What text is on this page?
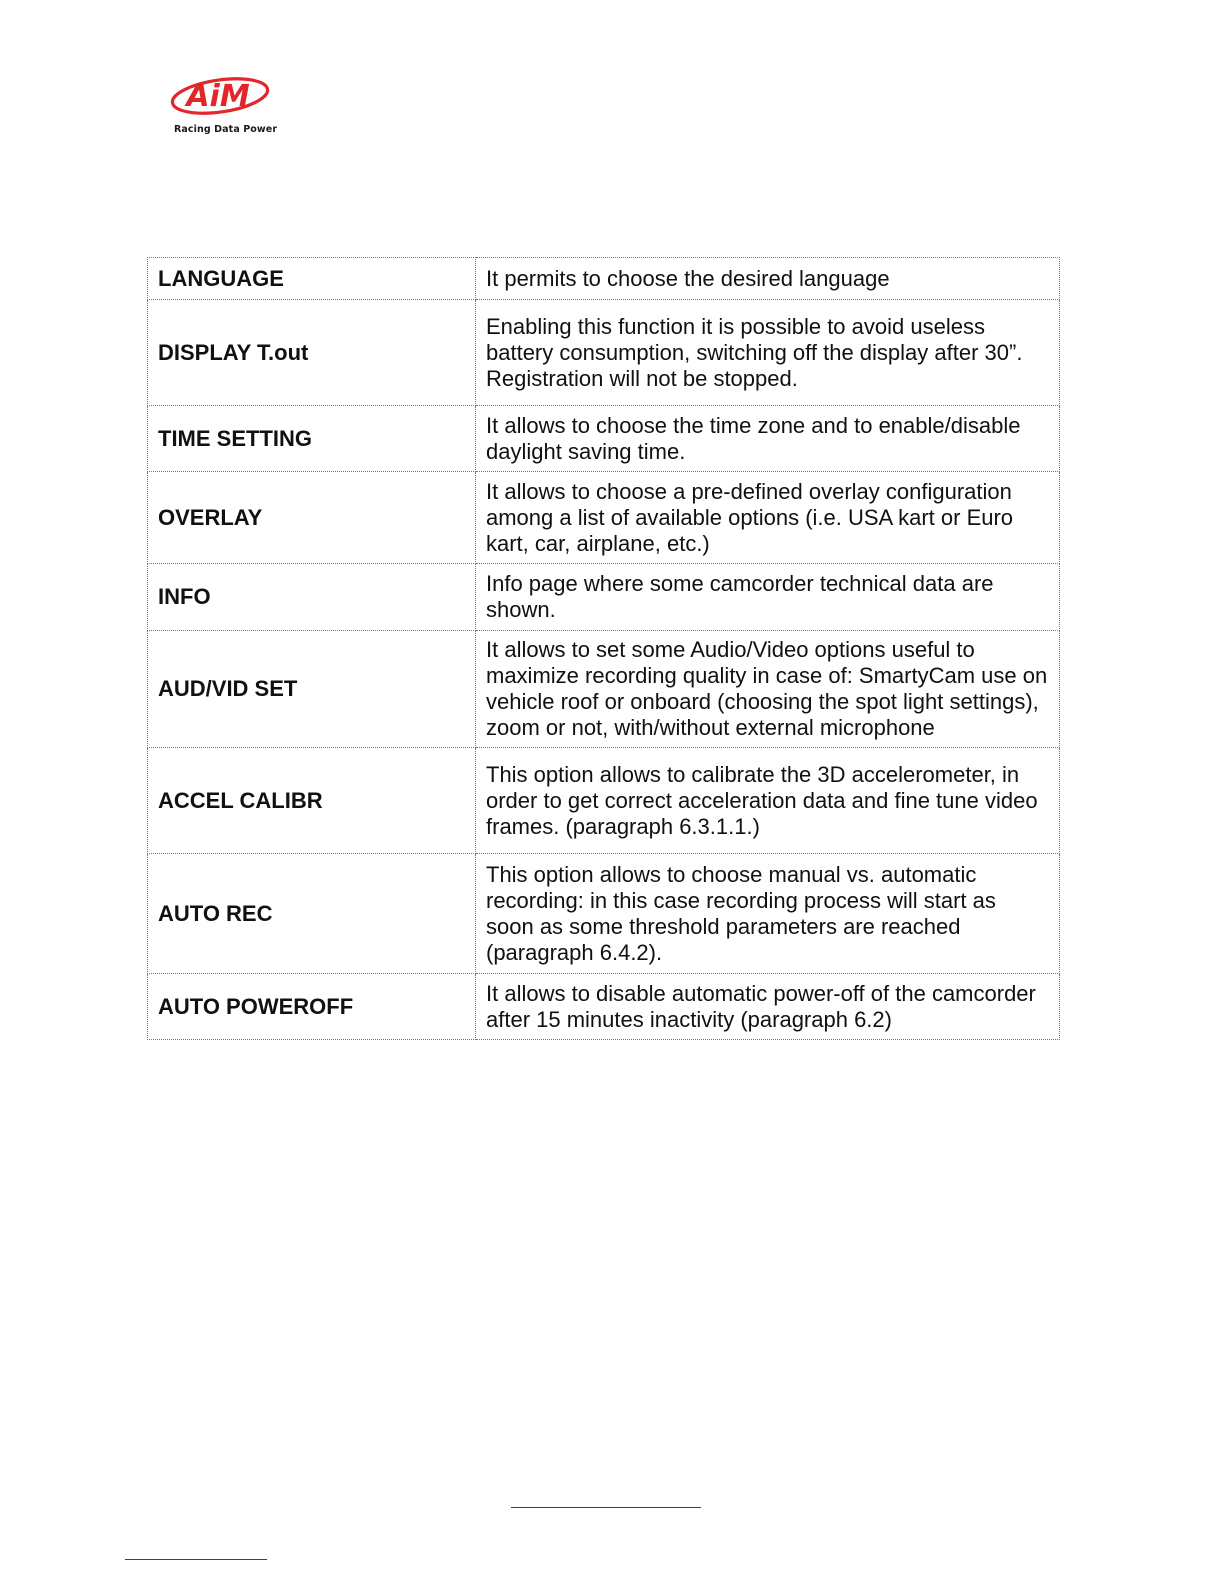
AiM
Racing Data Power
LANGUAGE	It permits to choose the desired language
DISPLAY T.out	Enabling this function it is possible to avoid useless battery consumption, switching off the display after 30”. Registration will not be stopped.
TIME SETTING	It allows to choose the time zone and to enable/disable daylight saving time.
OVERLAY	It allows to choose a pre-defined overlay configuration among a list of available options (i.e. USA kart or Euro kart, car, airplane, etc.)
INFO	Info page where some camcorder technical data are shown.
AUD/VID SET	It allows to set some Audio/Video options useful to maximize recording quality in case of: SmartyCam use on vehicle roof or onboard (choosing the spot light settings), zoom or not, with/without external microphone
ACCEL CALIBR	This option allows to calibrate the 3D accelerometer, in order to get correct acceleration data and fine tune video frames. (paragraph 6.3.1.1.)
AUTO REC	This option allows to choose manual vs. automatic recording: in this case recording process will start as soon as some threshold parameters are reached (paragraph 6.4.2).
AUTO POWEROFF	It allows to disable automatic power-off of the camcorder after 15 minutes inactivity (paragraph 6.2)
